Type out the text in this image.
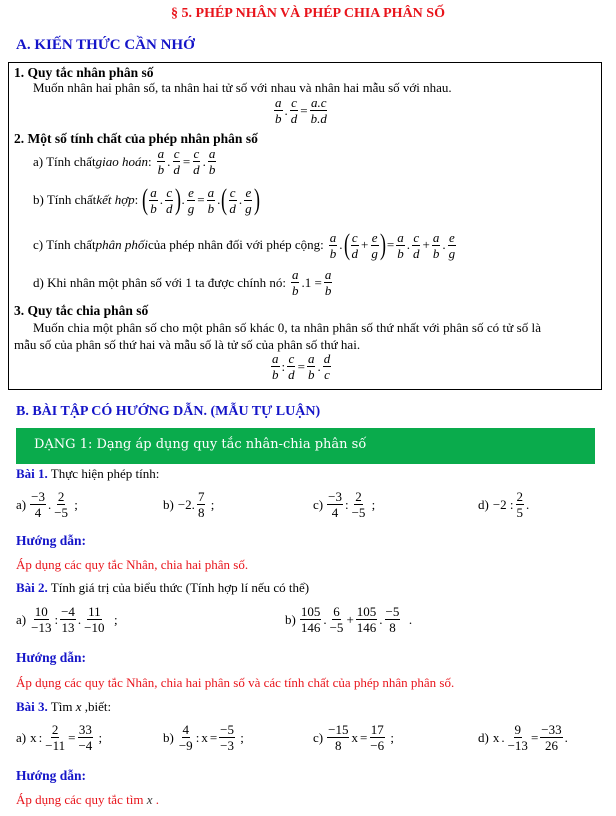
§ 5. PHÉP NHÂN VÀ PHÉP CHIA PHÂN SỐ
A. KIẾN THỨC CẦN NHỚ
1. Quy tắc nhân phân số
Muốn nhân hai phân số, ta nhân hai tử số với nhau và nhân hai mẫu số với nhau.
$\frac{a}{b}$ . $\frac{c}{d} = \frac{a.c}{b.d}$
2. Một số tính chất của phép nhân phân số
a) Tính chất giao hoán : $\frac{a}{b}$ . $\frac{c}{d} = \frac{c}{d}$ . $\frac{a}{b}$
b) Tính chất kết hợp : ( $\frac{a}{b}$ . $\frac{c}{d}$ ) . $\frac{e}{g} = \frac{a}{b}$ . ( $\frac{c}{d}$ . $\frac{e}{g}$ )
c) Tính chất phân phối của phép nhân đối với phép cộng: $\frac{a}{b}$ . ( $\frac{c}{d} + \frac{e}{g}$ ) = $\frac{a}{b}$ . $\frac{c}{d} + \frac{a}{b}$ . $\frac{e}{g}$
d) Khi nhân một phân số với 1 ta được chính nó: $\frac{a}{b} .1 = \frac{a}{b}$
3. Quy tắc chia phân số
Muốn chia một phân số cho một phân số khác 0, ta nhân phân số thứ nhất với phân số có tử số là
mẫu số của phân số thứ hai và mẫu số là tử số của phân số thứ hai.
$\frac{a}{b}$ : $\frac{c}{d} = \frac{a}{b}$ . $\frac{d}{c}$
B. BÀI TẬP CÓ HƯỚNG DẪN. (MẪU TỰ LUẬN)
DẠNG 1: Dạng áp dụng quy tắc nhân-chia phân số
Bài 1. Thực hiện phép tính:
$a) \frac{-3}{4}$ . $\frac{2}{-5}$ ;	b) −2. $\frac{7}{8}$ ;	$c) \frac{-3}{4}$ : $\frac{2}{-5}$ ;	d) −2 : $\frac{2}{5}$ .
Hướng dẫn:
Áp dụng các quy tắc Nhân, chia hai phân số.
Bài 2. Tính giá trị của biểu thức (Tính hợp lí nếu có thể)
$a) \frac{10}{-13}$ : $\frac{-4}{13}$ . $\frac{11}{-10}$ ;	$b) \frac{105}{146}$ . $\frac{6}{-5} + \frac{105}{146}$ . $\frac{-5}{8}$ .
Hướng dẫn:
Áp dụng các quy tắc Nhân, chia hai phân số và các tính chất của phép nhân phân số.
Bài 3. Tìm x ,biết:
a) x : $\frac{2}{-11} = \frac{33}{-4}$ ;	$b) \frac{4}{-9}$ : $x = \frac{-5}{-3}$ ;	$c) \frac{-15}{8}$ $x = \frac{17}{-6}$ ;	d) x . $\frac{9}{-13} = \frac{-33}{26}$ .
Hướng dẫn:
Áp dụng các quy tắc tìm x .
